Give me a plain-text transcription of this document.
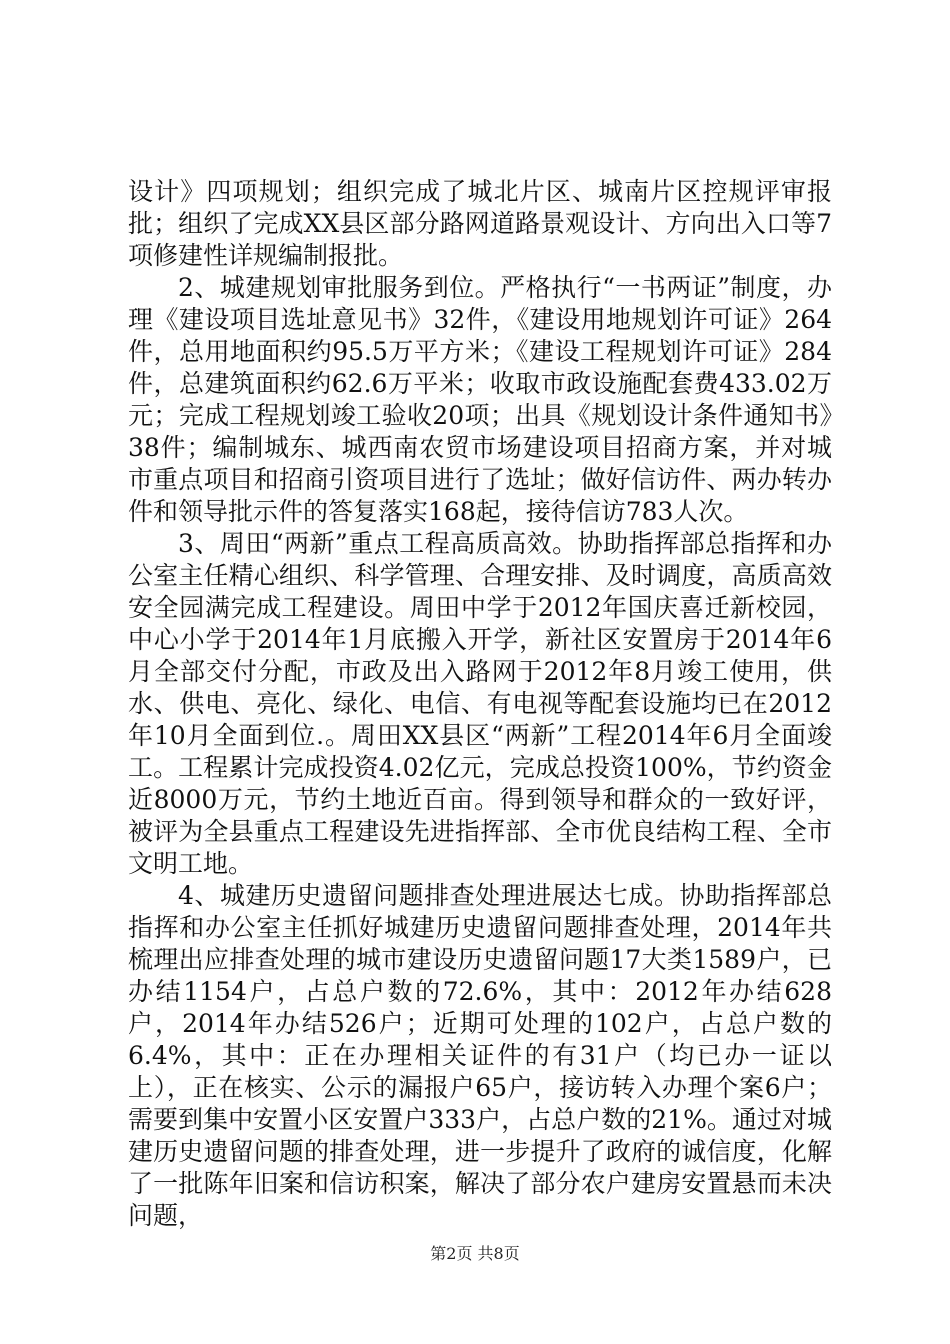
设计》四项规划；组织完成了城北片区、城南片区控规评审报批；组织了完成XX县区部分路网道路景观设计、方向出入口等7项修建性详规编制报批。

2、城建规划审批服务到位。严格执行“一书两证”制度，办理《建设项目选址意见书》32件，《建设用地规划许可证》264件，总用地面积约95.5万平方米；《建设工程规划许可证》284件，总建筑面积约62.6万平米；收取市政设施配套费433.02万元；完成工程规划竣工验收20项；出具《规划设计条件通知书》38件；编制城东、城西南农贸市场建设项目招商方案，并对城市重点项目和招商引资项目进行了选址；做好信访件、两办转办件和领导批示件的答复落实168起，接待信访783人次。

3、周田“两新”重点工程高质高效。协助指挥部总指挥和办公室主任精心组织、科学管理、合理安排、及时调度，高质高效安全园满完成工程建设。周田中学于2012年国庆喜迁新校园，中心小学于2014年1月底搬入开学，新社区安置房于2014年6月全部交付分配，市政及出入路网于2012年8月竣工使用，供水、供电、亮化、绿化、电信、有电视等配套设施均已在2012年10月全面到位.。周田XX县区“两新”工程2014年6月全面竣工。工程累计完成投资4.02亿元，完成总投资100%，节约资金近8000万元，节约土地近百亩。得到领导和群众的一致好评，被评为全县重点工程建设先进指挥部、全市优良结构工程、全市文明工地。

4、城建历史遗留问题排查处理进展达七成。协助指挥部总指挥和办公室主任抓好城建历史遗留问题排查处理，2014年共梳理出应排查处理的城市建设历史遗留问题17大类1589户，已办结1154户，占总户数的72.6%，其中：2012年办结628户，2014年办结526户；近期可处理的102户，占总户数的6.4%，其中：正在办理相关证件的有31户（均已办一证以上），正在核实、公示的漏报户65户，接访转入办理个案6户；需要到集中安置小区安置户333户，占总户数的21%。通过对城建历史遗留问题的排查处理，进一步提升了政府的诚信度，化解了一批陈年旧案和信访积案，解决了部分农户建房安置悬而未决问题，

第2页 共8页
